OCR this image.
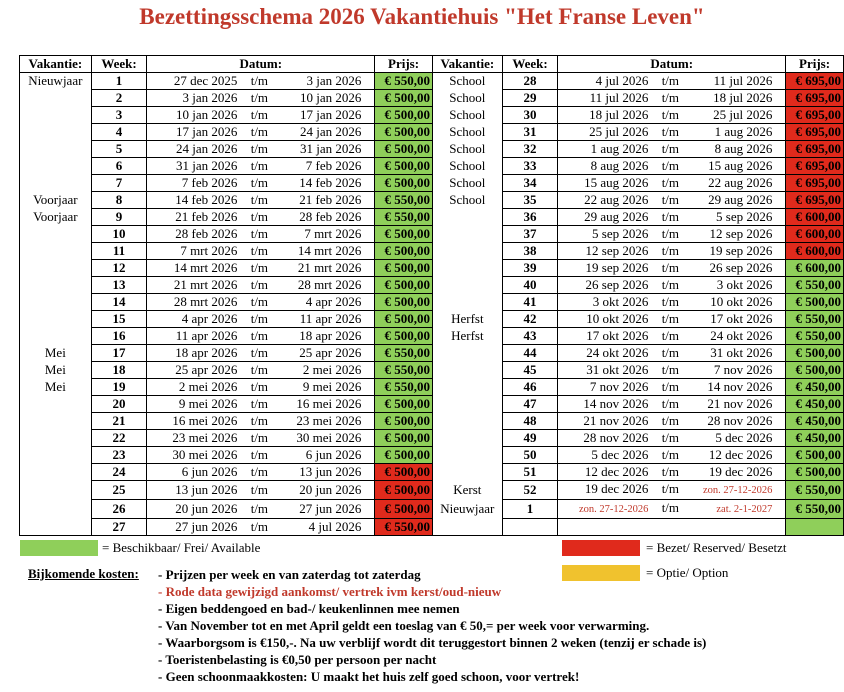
Bezettingsschema 2026 Vakantiehuis "Het Franse Leven"
Vakantie:	Week:	Datum:	Prijs:	Vakantie:	Week:	Datum:	Prijs:
Nieuwjaar	1	27 dec 2025 t/m 3 jan 2026	€ 550,00	School	28	4 jul 2026 t/m 11 jul 2026	€ 695,00
	2	3 jan 2026 t/m 10 jan 2026	€ 500,00	School	29	11 jul 2026 t/m 18 jul 2026	€ 695,00
	3	10 jan 2026 t/m 17 jan 2026	€ 500,00	School	30	18 jul 2026 t/m 25 jul 2026	€ 695,00
	4	17 jan 2026 t/m 24 jan 2026	€ 500,00	School	31	25 jul 2026 t/m 1 aug 2026	€ 695,00
	5	24 jan 2026 t/m 31 jan 2026	€ 500,00	School	32	1 aug 2026 t/m 8 aug 2026	€ 695,00
	6	31 jan 2026 t/m 7 feb 2026	€ 500,00	School	33	8 aug 2026 t/m 15 aug 2026	€ 695,00
	7	7 feb 2026 t/m 14 feb 2026	€ 500,00	School	34	15 aug 2026 t/m 22 aug 2026	€ 695,00
Voorjaar	8	14 feb 2026 t/m 21 feb 2026	€ 550,00	School	35	22 aug 2026 t/m 29 aug 2026	€ 695,00
Voorjaar	9	21 feb 2026 t/m 28 feb 2026	€ 550,00		36	29 aug 2026 t/m 5 sep 2026	€ 600,00
	10	28 feb 2026 t/m 7 mrt 2026	€ 500,00		37	5 sep 2026 t/m 12 sep 2026	€ 600,00
	11	7 mrt 2026 t/m 14 mrt 2026	€ 500,00		38	12 sep 2026 t/m 19 sep 2026	€ 600,00
	12	14 mrt 2026 t/m 21 mrt 2026	€ 500,00		39	19 sep 2026 t/m 26 sep 2026	€ 600,00
	13	21 mrt 2026 t/m 28 mrt 2026	€ 500,00		40	26 sep 2026 t/m 3 okt 2026	€ 550,00
	14	28 mrt 2026 t/m 4 apr 2026	€ 500,00		41	3 okt 2026 t/m 10 okt 2026	€ 500,00
	15	4 apr 2026 t/m 11 apr 2026	€ 500,00	Herfst	42	10 okt 2026 t/m 17 okt 2026	€ 550,00
	16	11 apr 2026 t/m 18 apr 2026	€ 500,00	Herfst	43	17 okt 2026 t/m 24 okt 2026	€ 550,00
Mei	17	18 apr 2026 t/m 25 apr 2026	€ 550,00		44	24 okt 2026 t/m 31 okt 2026	€ 500,00
Mei	18	25 apr 2026 t/m 2 mei 2026	€ 550,00		45	31 okt 2026 t/m 7 nov 2026	€ 500,00
Mei	19	2 mei 2026 t/m 9 mei 2026	€ 550,00		46	7 nov 2026 t/m 14 nov 2026	€ 450,00
	20	9 mei 2026 t/m 16 mei 2026	€ 500,00		47	14 nov 2026 t/m 21 nov 2026	€ 450,00
	21	16 mei 2026 t/m 23 mei 2026	€ 500,00		48	21 nov 2026 t/m 28 nov 2026	€ 450,00
	22	23 mei 2026 t/m 30 mei 2026	€ 500,00		49	28 nov 2026 t/m 5 dec 2026	€ 450,00
	23	30 mei 2026 t/m 6 jun 2026	€ 500,00		50	5 dec 2026 t/m 12 dec 2026	€ 500,00
	24	6 jun 2026 t/m 13 jun 2026	€ 500,00		51	12 dec 2026 t/m 19 dec 2026	€ 500,00
	25	13 jun 2026 t/m 20 jun 2026	€ 500,00	Kerst	52	19 dec 2026 t/m zon. 27-12-2026	€ 550,00
	26	20 jun 2026 t/m 27 jun 2026	€ 500,00	Nieuwjaar	1	zon. 27-12-2026 t/m zat. 2-1-2027	€ 550,00
	27	27 jun 2026 t/m 4 jul 2026	€ 550,00				
= Beschikbaar/ Frei/ Available	= Bezet/ Reserved/ Besetzt
= Optie/ Option
Bijkomende kosten: - Prijzen per week en van zaterdag tot zaterdag
- Rode data gewijzigd aankomst/ vertrek ivm kerst/oud-nieuw
- Eigen beddengoed en bad-/ keukenlinnen mee nemen
- Van November tot en met April geldt een toeslag van € 50,= per week voor verwarming.
- Waarborgsom is €150,-. Na uw verblijf wordt dit teruggestort binnen 2 weken (tenzij er schade is)
- Toeristenbelasting is €0,50 per persoon per nacht
- Geen schoonmaakkosten: U maakt het huis zelf goed schoon, voor vertrek!
